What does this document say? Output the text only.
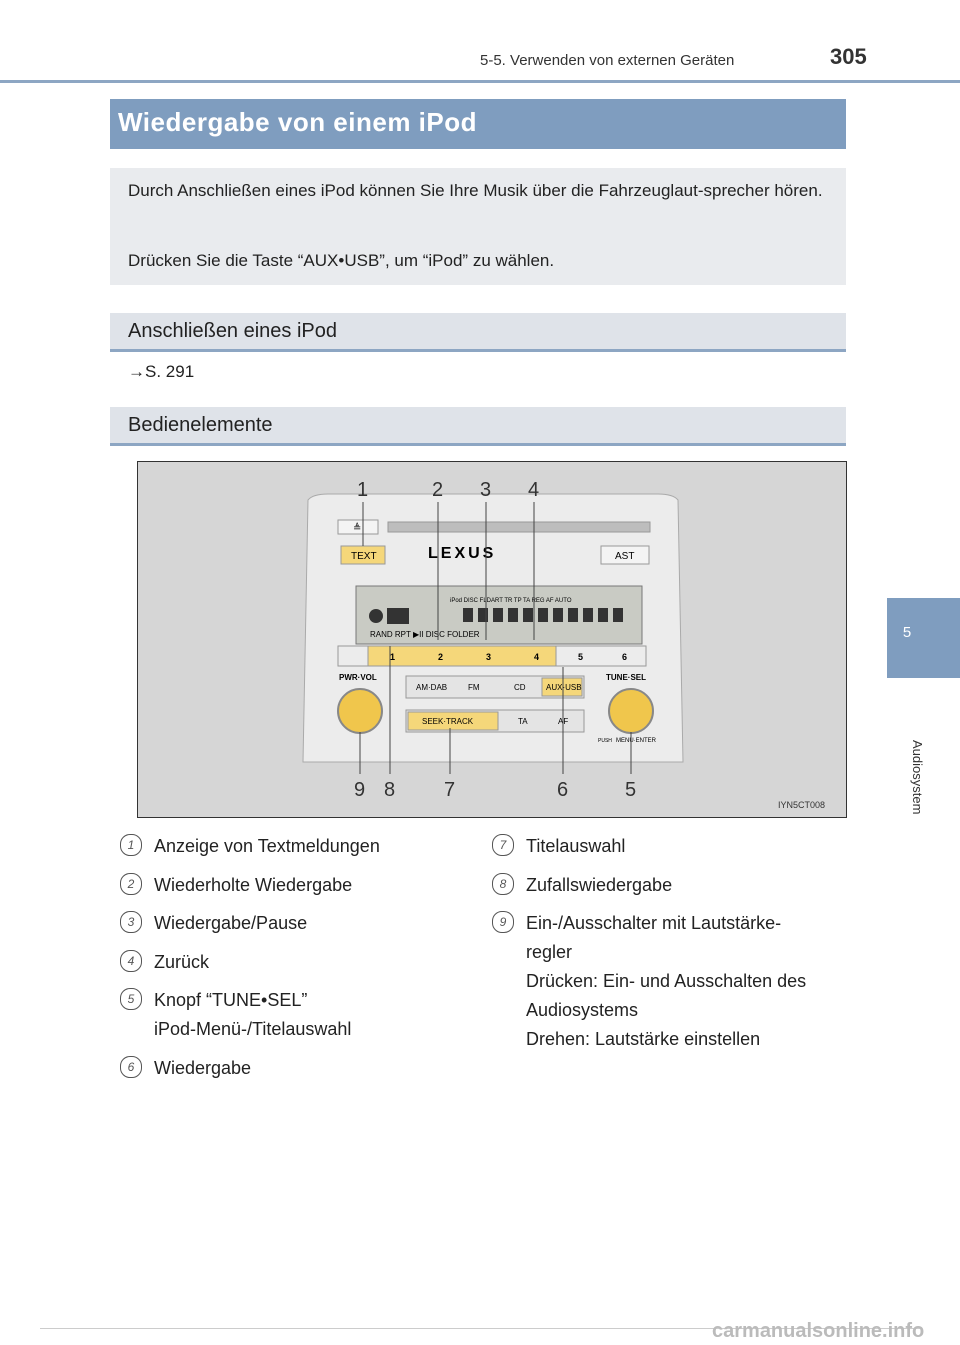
5-5. Verwenden von externen Geräten	305
5
Audiosystem
Wiedergabe von einem iPod
Durch Anschließen eines iPod können Sie Ihre Musik über die Fahrzeuglaut-sprecher hören.
Drücken Sie die Taste “AUX•USB”, um “iPod” zu wählen.
Anschließen eines iPod
→S. 291
Bedienelemente
≜
TEXT	LEXUS	AST
iPod DISC FLDART TR TP TA REG AF AUTO
RAND RPT ▶II DISC FOLDER
1	2	3	4	5	6
PWR·VOL	TUNE·SEL
AM·DAB	FM	CD	AUX·USB
SEEK·TRACK	TA	AF
PUSH MENU·ENTER
1	2 3 4
5
6
7
8
9
IYN5CT008
1	Anzeige von Textmeldungen
2	Wiederholte Wiedergabe
3	Wiedergabe/Pause
4	Zurück
5	Knopf “TUNE•SEL”
iPod-Menü-/Titelauswahl
6	Wiedergabe
7	Titelauswahl
8	Zufallswiedergabe
9	Ein-/Ausschalter mit Lautstärke-regler
Drücken: Ein- und Ausschalten des Audiosystems
Drehen: Lautstärke einstellen
carmanualsonline.info
